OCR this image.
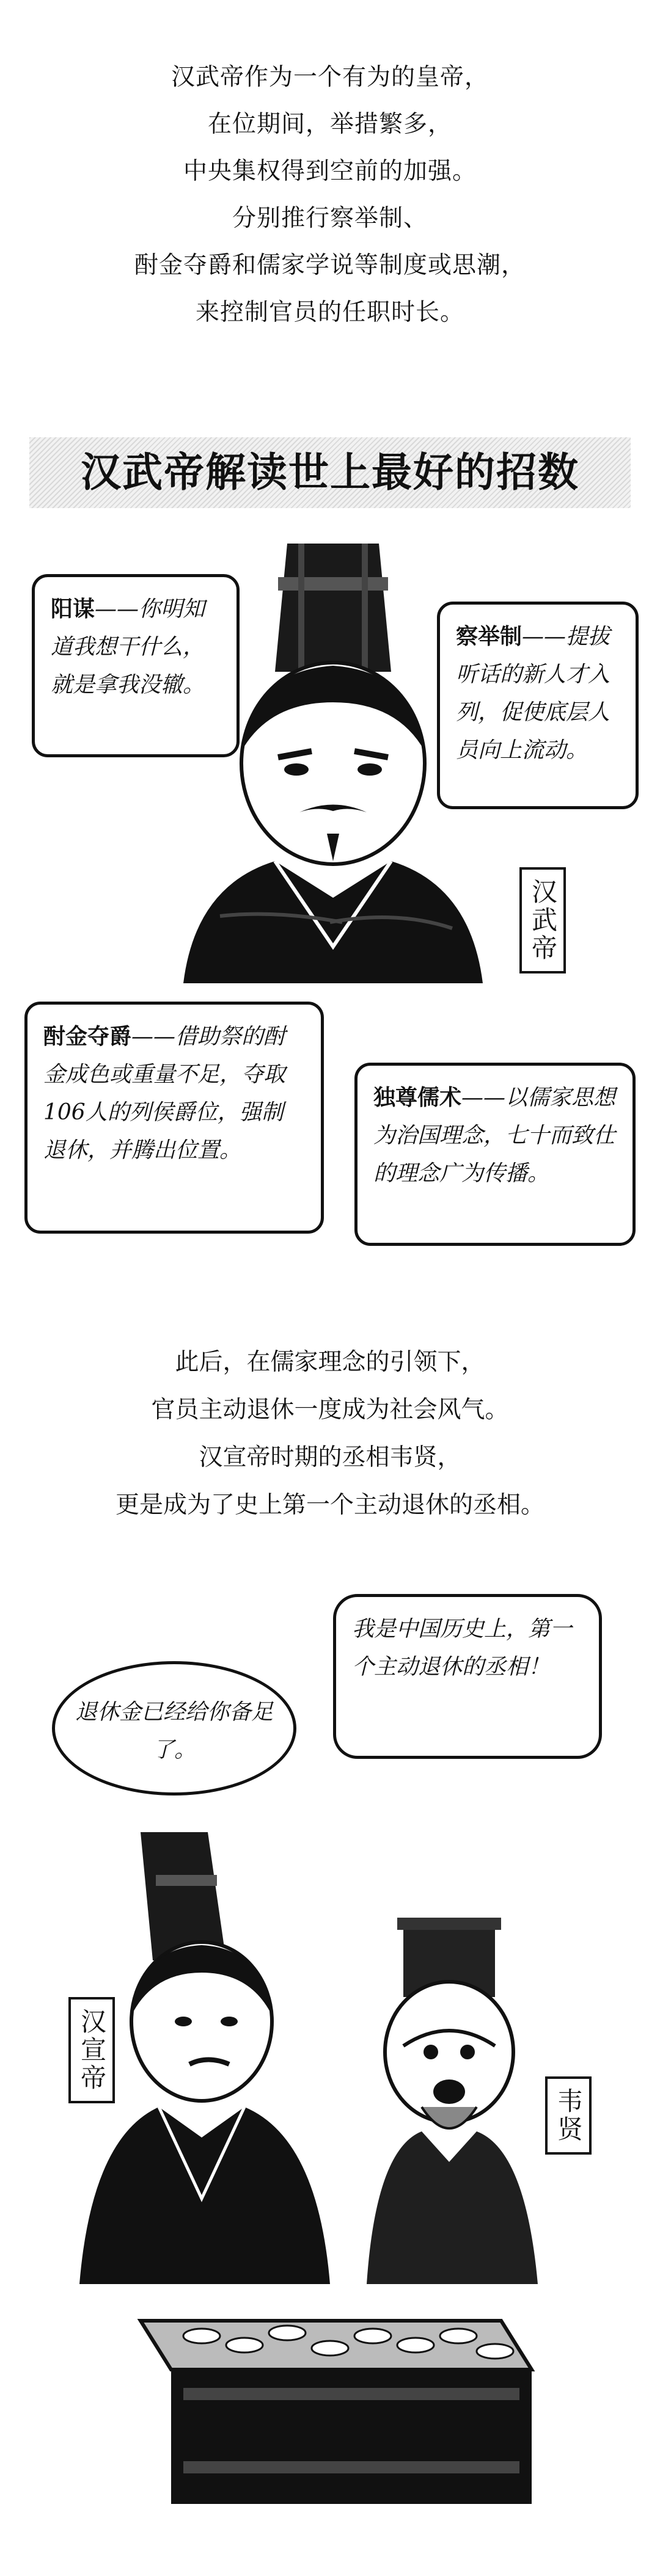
汉武帝作为一个有为的皇帝，

在位期间，举措繁多，

中央集权得到空前的加强。

分别推行察举制、

酎金夺爵和儒家学说等制度或思潮，

来控制官员的任职时长。

汉武帝解读世上最好的招数
阳谋——你明知道我想干什么，就是拿我没辙。
察举制——提拔听话的新人才入列，促使底层人员向上流动。
汉武帝
酎金夺爵——借助祭的酎金成色或重量不足，夺取106人的列侯爵位，强制退休，并腾出位置。
独尊儒术——以儒家思想为治国理念，七十而致仕的理念广为传播。

此后，在儒家理念的引领下，

官员主动退休一度成为社会风气。

汉宣帝时期的丞相韦贤，

更是成为了史上第一个主动退休的丞相。

退休金已经给你备足了。
我是中国历史上，第一个主动退休的丞相！
汉宣帝
韦贤
